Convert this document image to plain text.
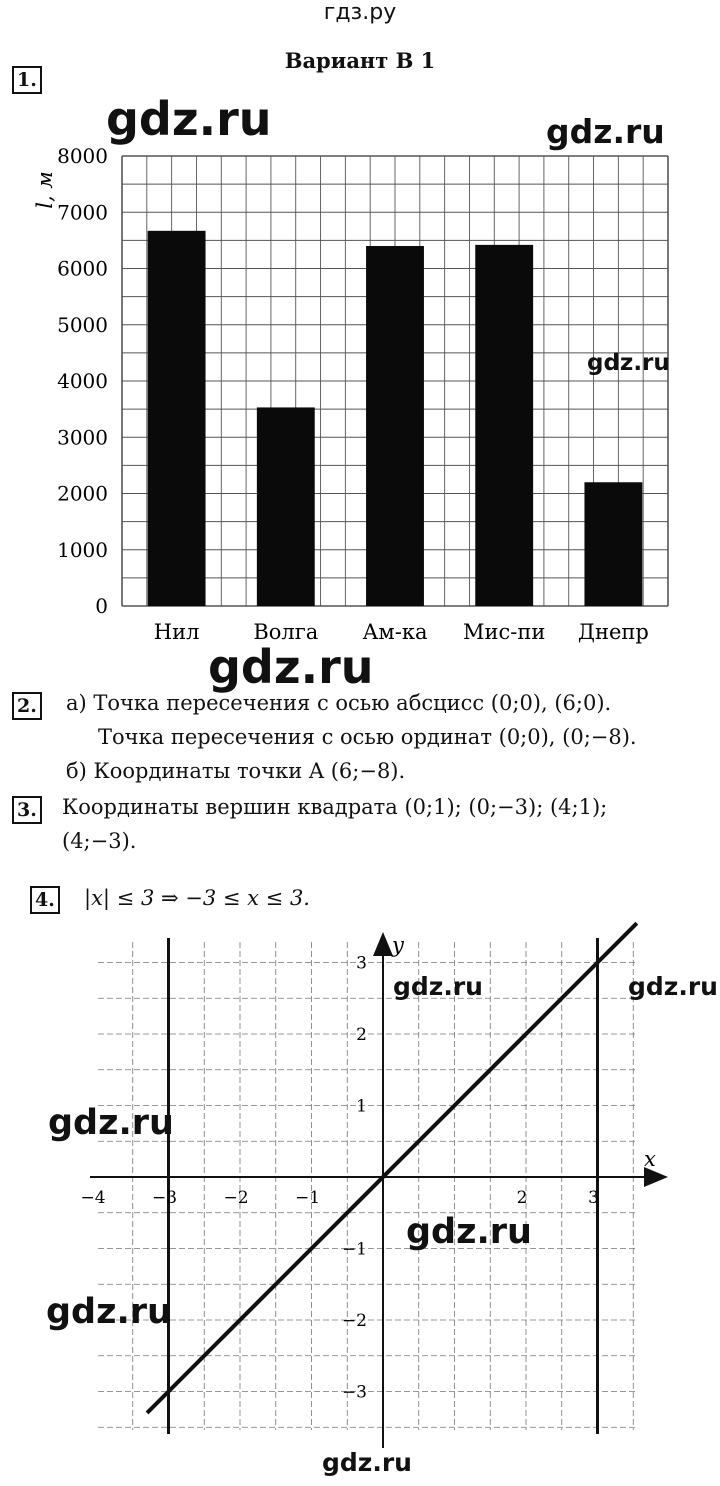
гдз.ру
Вариант В 1
1.
gdz.ru	gdz.ru
0
1000
2000
3000
4000
5000
6000
7000
8000
Нил	Волга Ам-ка Мис-пи Днепр
l, м
gdz.ru
gdz.ru
2. а) Точка пересечения с осью абсцисс (0;0), (6;0).
Точка пересечения с осью ординат (0;0), (0;−8).
б) Координаты точки A (6;−8).
3. Координаты вершин квадрата (0;1); (0;−3); (4;1);
(4;−3).
4. |x| ≤ 3 ⇒ −3 ≤ x ≤ 3.
−4	−3	−2	−1	2	3
3
2
1
−1
−2
−3
y
x
gdz.ru	gdz.ru
gdz.ru
gdz.ru
gdz.ru
gdz.ru
